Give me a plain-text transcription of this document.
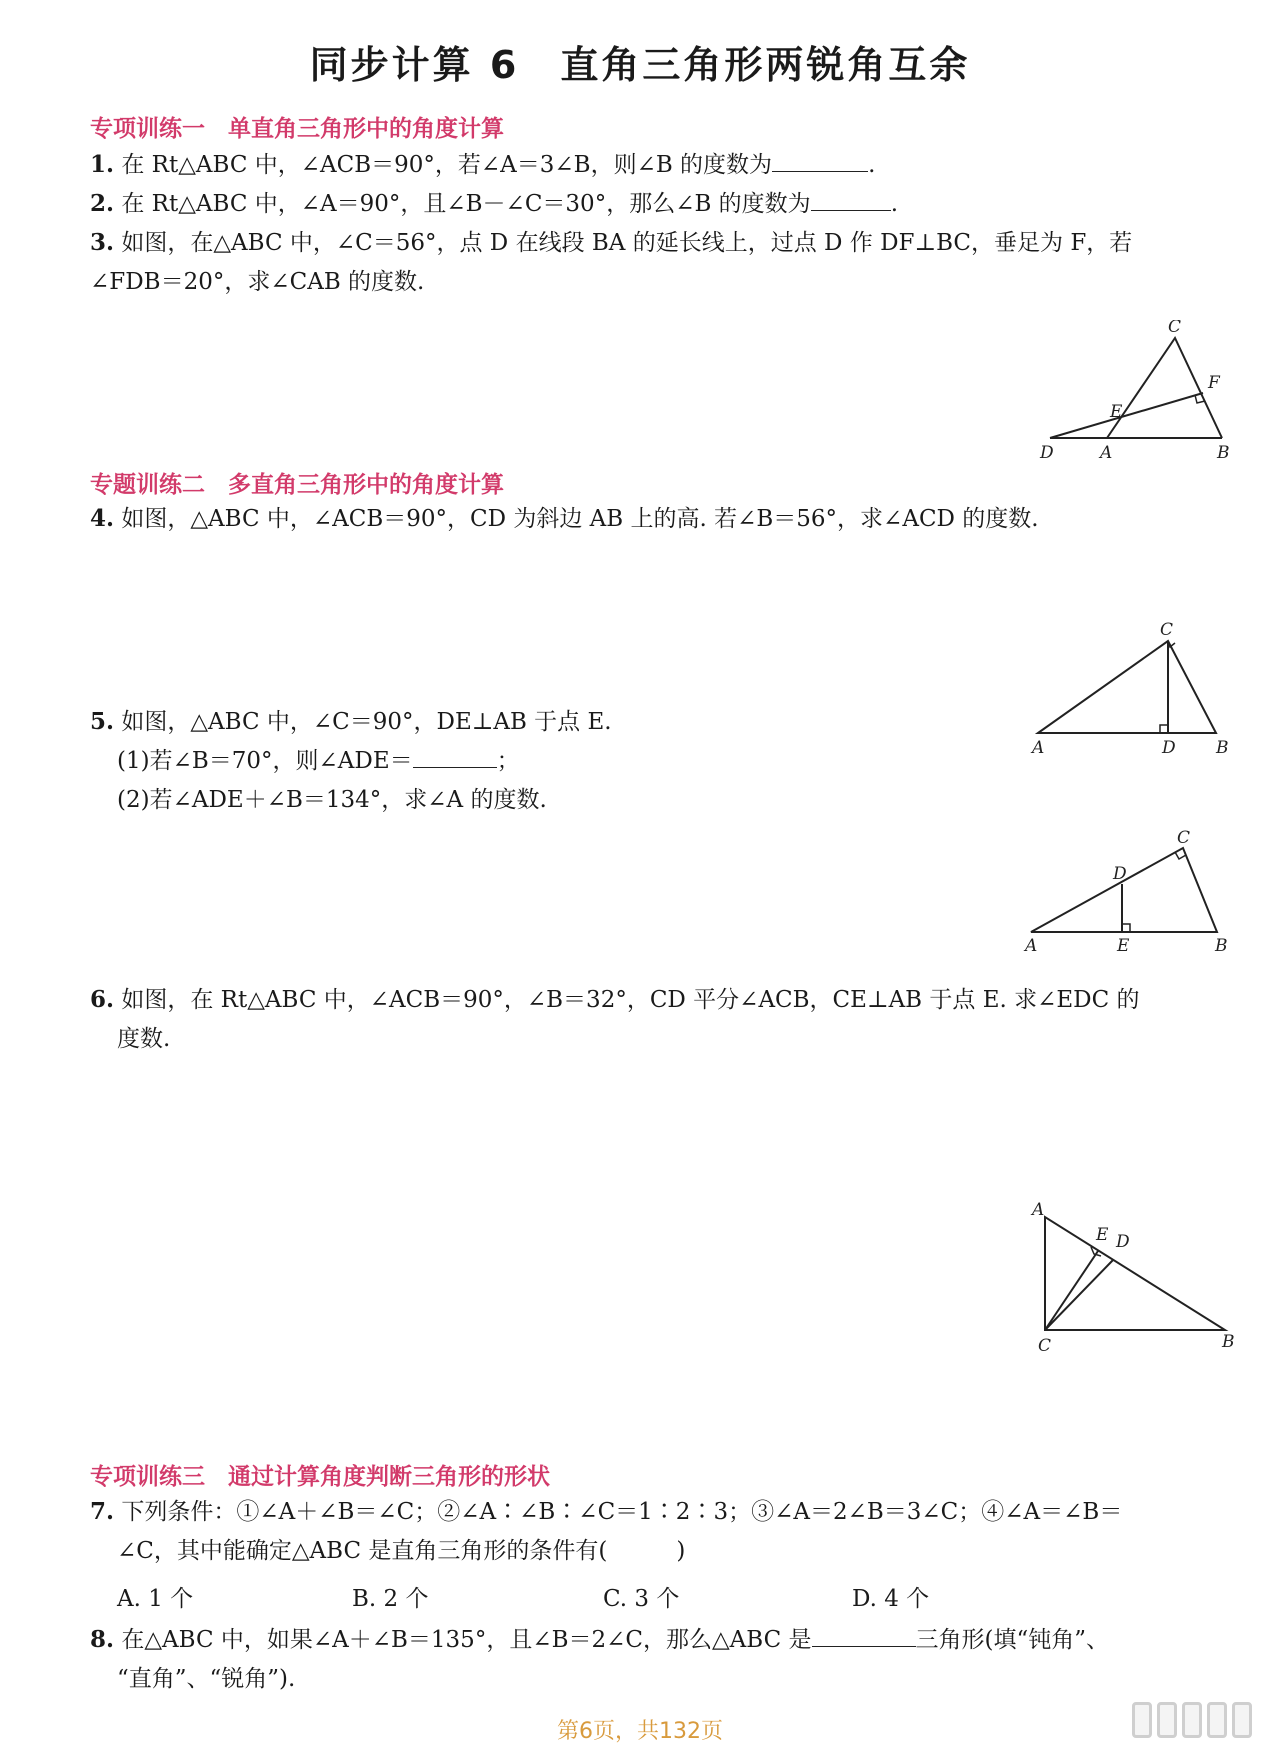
同步计算 6　直角三角形两锐角互余
专项训练一　单直角三角形中的角度计算
1. 在 Rt△ABC 中，∠ACB＝90°，若∠A＝3∠B，则∠B 的度数为	.
2. 在 Rt△ABC 中，∠A＝90°，且∠B－∠C＝30°，那么∠B 的度数为	.
3. 如图，在△ABC 中，∠C＝56°，点 D 在线段 BA 的延长线上，过点 D 作 DF⊥BC，垂足为 F，若
∠FDB＝20°，求∠CAB 的度数.
C
F
E
D	A	B
专题训练二　多直角三角形中的角度计算
4. 如图，△ABC 中，∠ACB＝90°，CD 为斜边 AB 上的高. 若∠B＝56°，求∠ACD 的度数.
C
A	D B
5. 如图，△ABC 中，∠C＝90°，DE⊥AB 于点 E.
(1)若∠B＝70°，则∠ADE＝	；
(2)若∠ADE＋∠B＝134°，求∠A 的度数.
C
D
A	E	B
6. 如图，在 Rt△ABC 中，∠ACB＝90°，∠B＝32°，CD 平分∠ACB，CE⊥AB 于点 E. 求∠EDC 的
度数.
A
E D
C	B
专项训练三　通过计算角度判断三角形的形状
7. 下列条件：①∠A＋∠B＝∠C；②∠A∶∠B∶∠C＝1∶2∶3；③∠A＝2∠B＝3∠C；④∠A＝∠B＝
∠C，其中能确定△ABC 是直角三角形的条件有(　　　)
A. 1 个	B. 2 个	C. 3 个	D. 4 个
8. 在△ABC 中，如果∠A＋∠B＝135°，且∠B＝2∠C，那么△ABC 是	三角形(填“钝角”、
“直角”、“锐角”).
第6页，共132页
